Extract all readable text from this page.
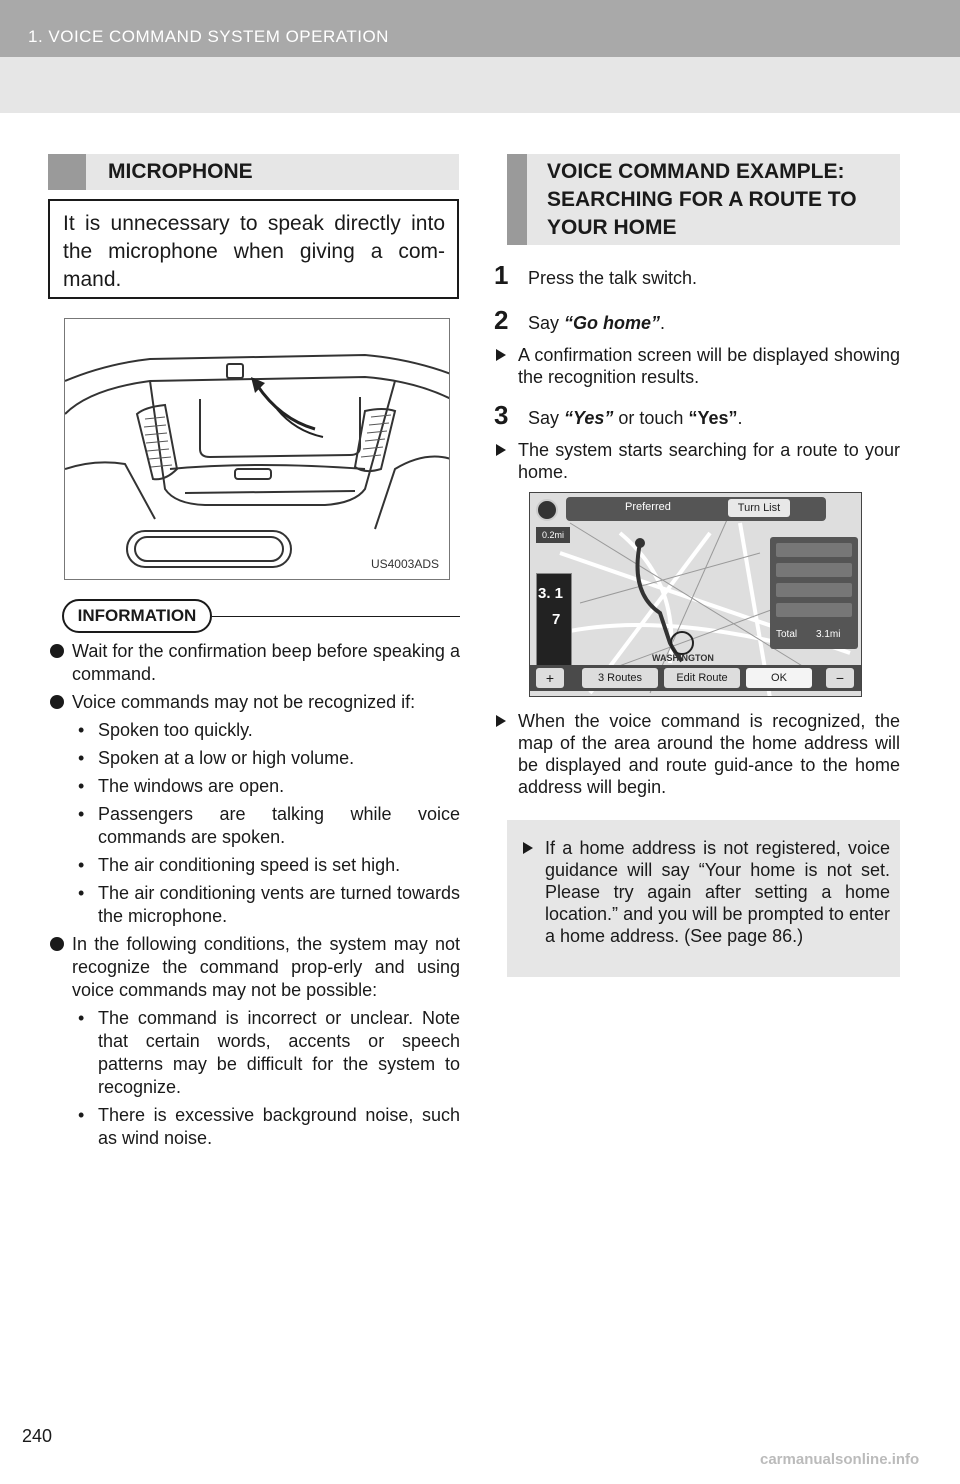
1. VOICE COMMAND SYSTEM OPERATION
MICROPHONE

It is unnecessary to speak directly into the microphone when giving a com-mand.

US4003ADS
INFORMATION
Wait for the confirmation beep before speaking a command.
Voice commands may not be recognized if:
• Spoken too quickly.
• Spoken at a low or high volume.
• The windows are open.
• Passengers are talking while voice commands are spoken.
• The air conditioning speed is set high.
• The air conditioning vents are turned towards the microphone.
In the following conditions, the system may not recognize the command prop-erly and using voice commands may not be possible:
• The command is incorrect or unclear. Note that certain words, accents or speech patterns may be difficult for the system to recognize.
• There is excessive background noise, such as wind noise.
VOICE COMMAND EXAMPLE:
SEARCHING FOR A ROUTE TO
YOUR HOME
1 Press the talk switch.
2 Say “Go home”.
A confirmation screen will be displayed showing the recognition results.
3 Say “Yes” or touch “Yes”.
The system starts searching for a route to your home.
Preferred	Turn List
0.2mi
3. 1
7
Total 3.1mi
WASHINGTON
+	3 Routes	Edit Route	OK	−
When the voice command is recognized, the map of the area around the home address will be displayed and route guid-ance to the home address will begin.
If a home address is not registered, voice guidance will say “Your home is not set. Please try again after setting a home location.” and you will be prompted to enter a home address. (See page 86.)
240
carmanualsonline.info
